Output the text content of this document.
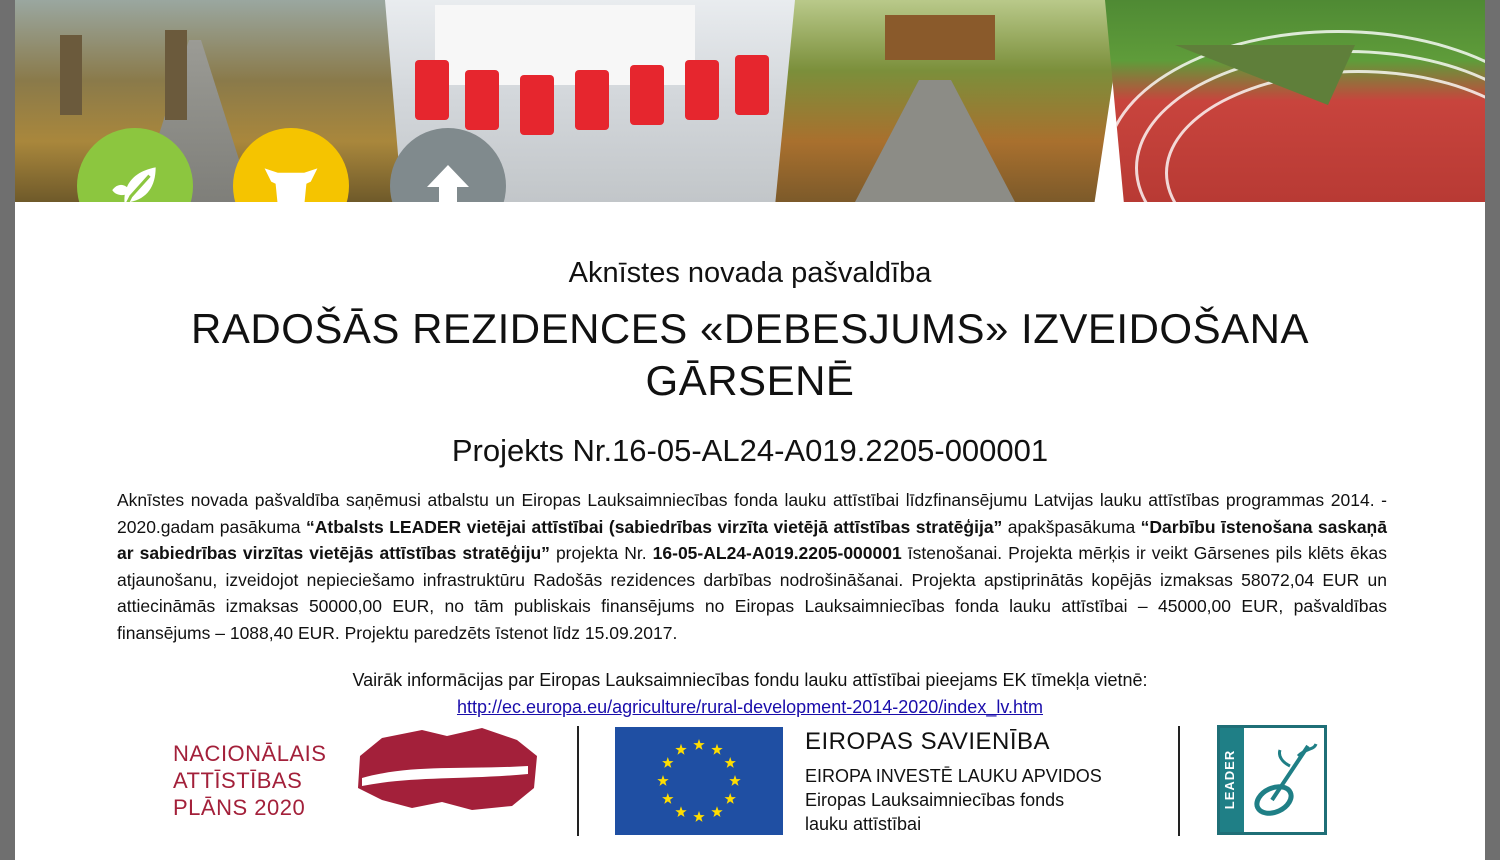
Aknīstes novada pašvaldība
RADOŠĀS REZIDENCES «DEBESJUMS» IZVEIDOŠANA
GĀRSENĒ
Projekts Nr.16-05-AL24-A019.2205-000001
Aknīstes novada pašvaldība saņēmusi atbalstu un Eiropas Lauksaimniecības fonda lauku attīstībai līdzfinansējumu Latvijas lauku attīstības programmas 2014. - 2020.gadam pasākuma “Atbalsts LEADER vietējai attīstībai (sabiedrības virzīta vietējā attīstības stratēģija” apakšpasākuma “Darbību īstenošana saskaņā ar sabiedrības virzītas vietējās attīstības stratēģiju” projekta Nr. 16-05-AL24-A019.2205-000001 īstenošanai. Projekta mērķis ir veikt Gārsenes pils klēts ēkas atjaunošanu, izveidojot nepieciešamo infrastruktūru Radošās rezidences darbības nodrošināšanai. Projekta apstiprinātās kopējās izmaksas 58072,04 EUR un attiecināmās izmaksas 50000,00 EUR, no tām publiskais finansējums no Eiropas Lauksaimniecības fonda lauku attīstībai – 45000,00 EUR, pašvaldības finansējums – 1088,40 EUR. Projektu paredzēts īstenot līdz 15.09.2017.
Vairāk informācijas par Eiropas Lauksaimniecības fondu lauku attīstībai pieejams EK tīmekļa vietnē:
http://ec.europa.eu/agriculture/rural-development-2014-2020/index_lv.htm
NACIONĀLAIS
ATTĪSTĪBAS
PLĀNS 2020
EIROPAS SAVIENĪBA
EIROPA INVESTĒ LAUKU APVIDOS
Eiropas Lauksaimniecības fonds
lauku attīstībai
LEADER
